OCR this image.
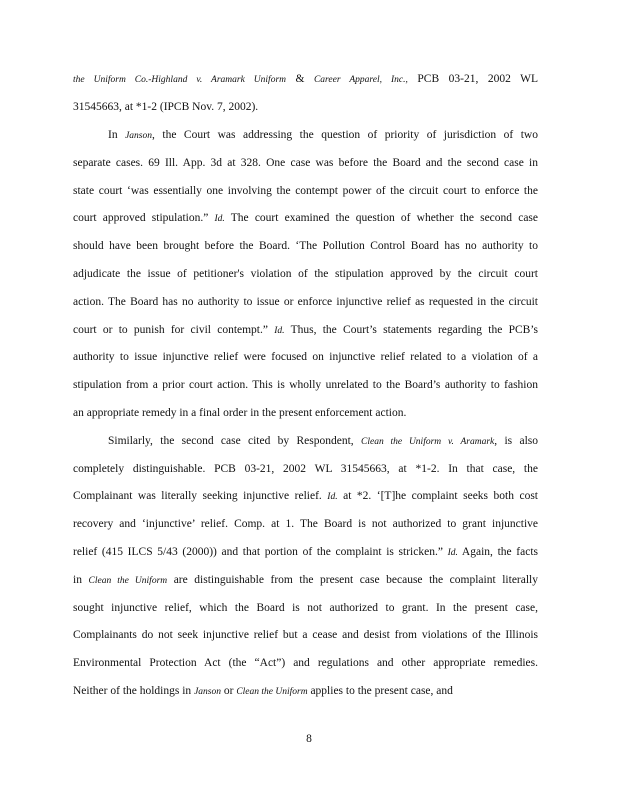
the Uniform Co.-Highland v. Aramark Uniform & Career Apparel, Inc., PCB 03-21, 2002 WL
31545663, at *1-2 (IPCB Nov. 7, 2002).
In Janson, the Court was addressing the question of priority of jurisdiction of two
separate cases. 69 Ill. App. 3d at 328. One case was before the Board and the second case in
state court ‘was essentially one involving the contempt power of the circuit court to enforce the
court approved stipulation.” Id. The court examined the question of whether the second case
should have been brought before the Board. ‘The Pollution Control Board has no authority to
adjudicate the issue of petitioner's violation of the stipulation approved by the circuit court
action. The Board has no authority to issue or enforce injunctive relief as requested in the circuit
court or to punish for civil contempt.” Id. Thus, the Court’s statements regarding the PCB’s
authority to issue injunctive relief were focused on injunctive relief related to a violation of a
stipulation from a prior court action. This is wholly unrelated to the Board’s authority to fashion
an appropriate remedy in a final order in the present enforcement action.
Similarly, the second case cited by Respondent, Clean the Uniform v. Aramark, is also
completely distinguishable. PCB 03-21, 2002 WL 31545663, at *1-2. In that case, the
Complainant was literally seeking injunctive relief. Id. at *2. ‘[T]he complaint seeks both cost
recovery and ‘injunctive’ relief. Comp. at 1. The Board is not authorized to grant injunctive
relief (415 ILCS 5/43 (2000)) and that portion of the complaint is stricken.” Id. Again, the facts
in Clean the Uniform are distinguishable from the present case because the complaint literally
sought injunctive relief, which the Board is not authorized to grant. In the present case,
Complainants do not seek injunctive relief but a cease and desist from violations of the Illinois
Environmental Protection Act (the “Act”) and regulations and other appropriate remedies.
Neither of the holdings in Janson or Clean the Uniform applies to the present case, and
8
